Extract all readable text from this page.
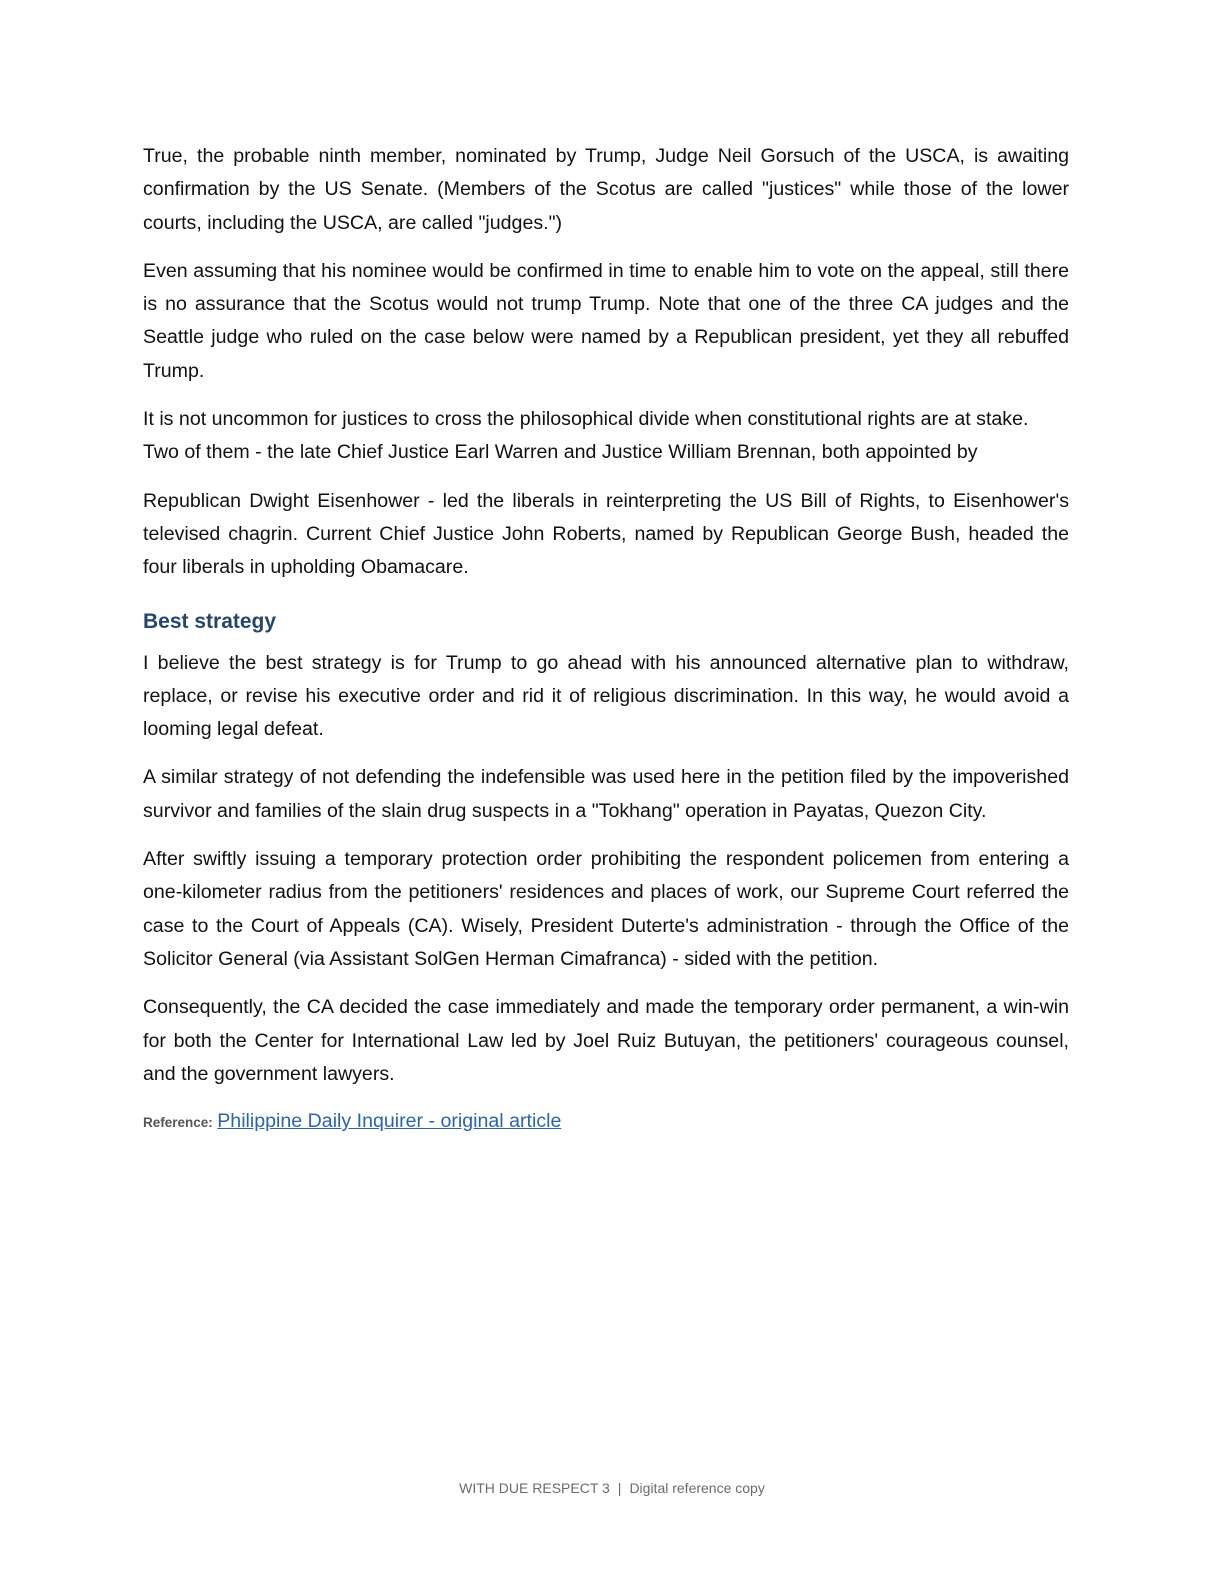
True, the probable ninth member, nominated by Trump, Judge Neil Gorsuch of the USCA, is awaiting confirmation by the US Senate. (Members of the Scotus are called "justices" while those of the lower courts, including the USCA, are called "judges.")

Even assuming that his nominee would be confirmed in time to enable him to vote on the appeal, still there is no assurance that the Scotus would not trump Trump. Note that one of the three CA judges and the Seattle judge who ruled on the case below were named by a Republican president, yet they all rebuffed Trump.

It is not uncommon for justices to cross the philosophical divide when constitutional rights are at stake. Two of them - the late Chief Justice Earl Warren and Justice William Brennan, both appointed by

Republican Dwight Eisenhower - led the liberals in reinterpreting the US Bill of Rights, to Eisenhower's televised chagrin. Current Chief Justice John Roberts, named by Republican George Bush, headed the four liberals in upholding Obamacare.

Best strategy

I believe the best strategy is for Trump to go ahead with his announced alternative plan to withdraw, replace, or revise his executive order and rid it of religious discrimination. In this way, he would avoid a looming legal defeat.

A similar strategy of not defending the indefensible was used here in the petition filed by the impoverished survivor and families of the slain drug suspects in a "Tokhang" operation in Payatas, Quezon City.

After swiftly issuing a temporary protection order prohibiting the respondent policemen from entering a one-kilometer radius from the petitioners' residences and places of work, our Supreme Court referred the case to the Court of Appeals (CA). Wisely, President Duterte's administration - through the Office of the Solicitor General (via Assistant SolGen Herman Cimafranca) - sided with the petition.

Consequently, the CA decided the case immediately and made the temporary order permanent, a win-win for both the Center for International Law led by Joel Ruiz Butuyan, the petitioners' courageous counsel, and the government lawyers.

Reference: Philippine Daily Inquirer - original article
WITH DUE RESPECT 3 | Digital reference copy
